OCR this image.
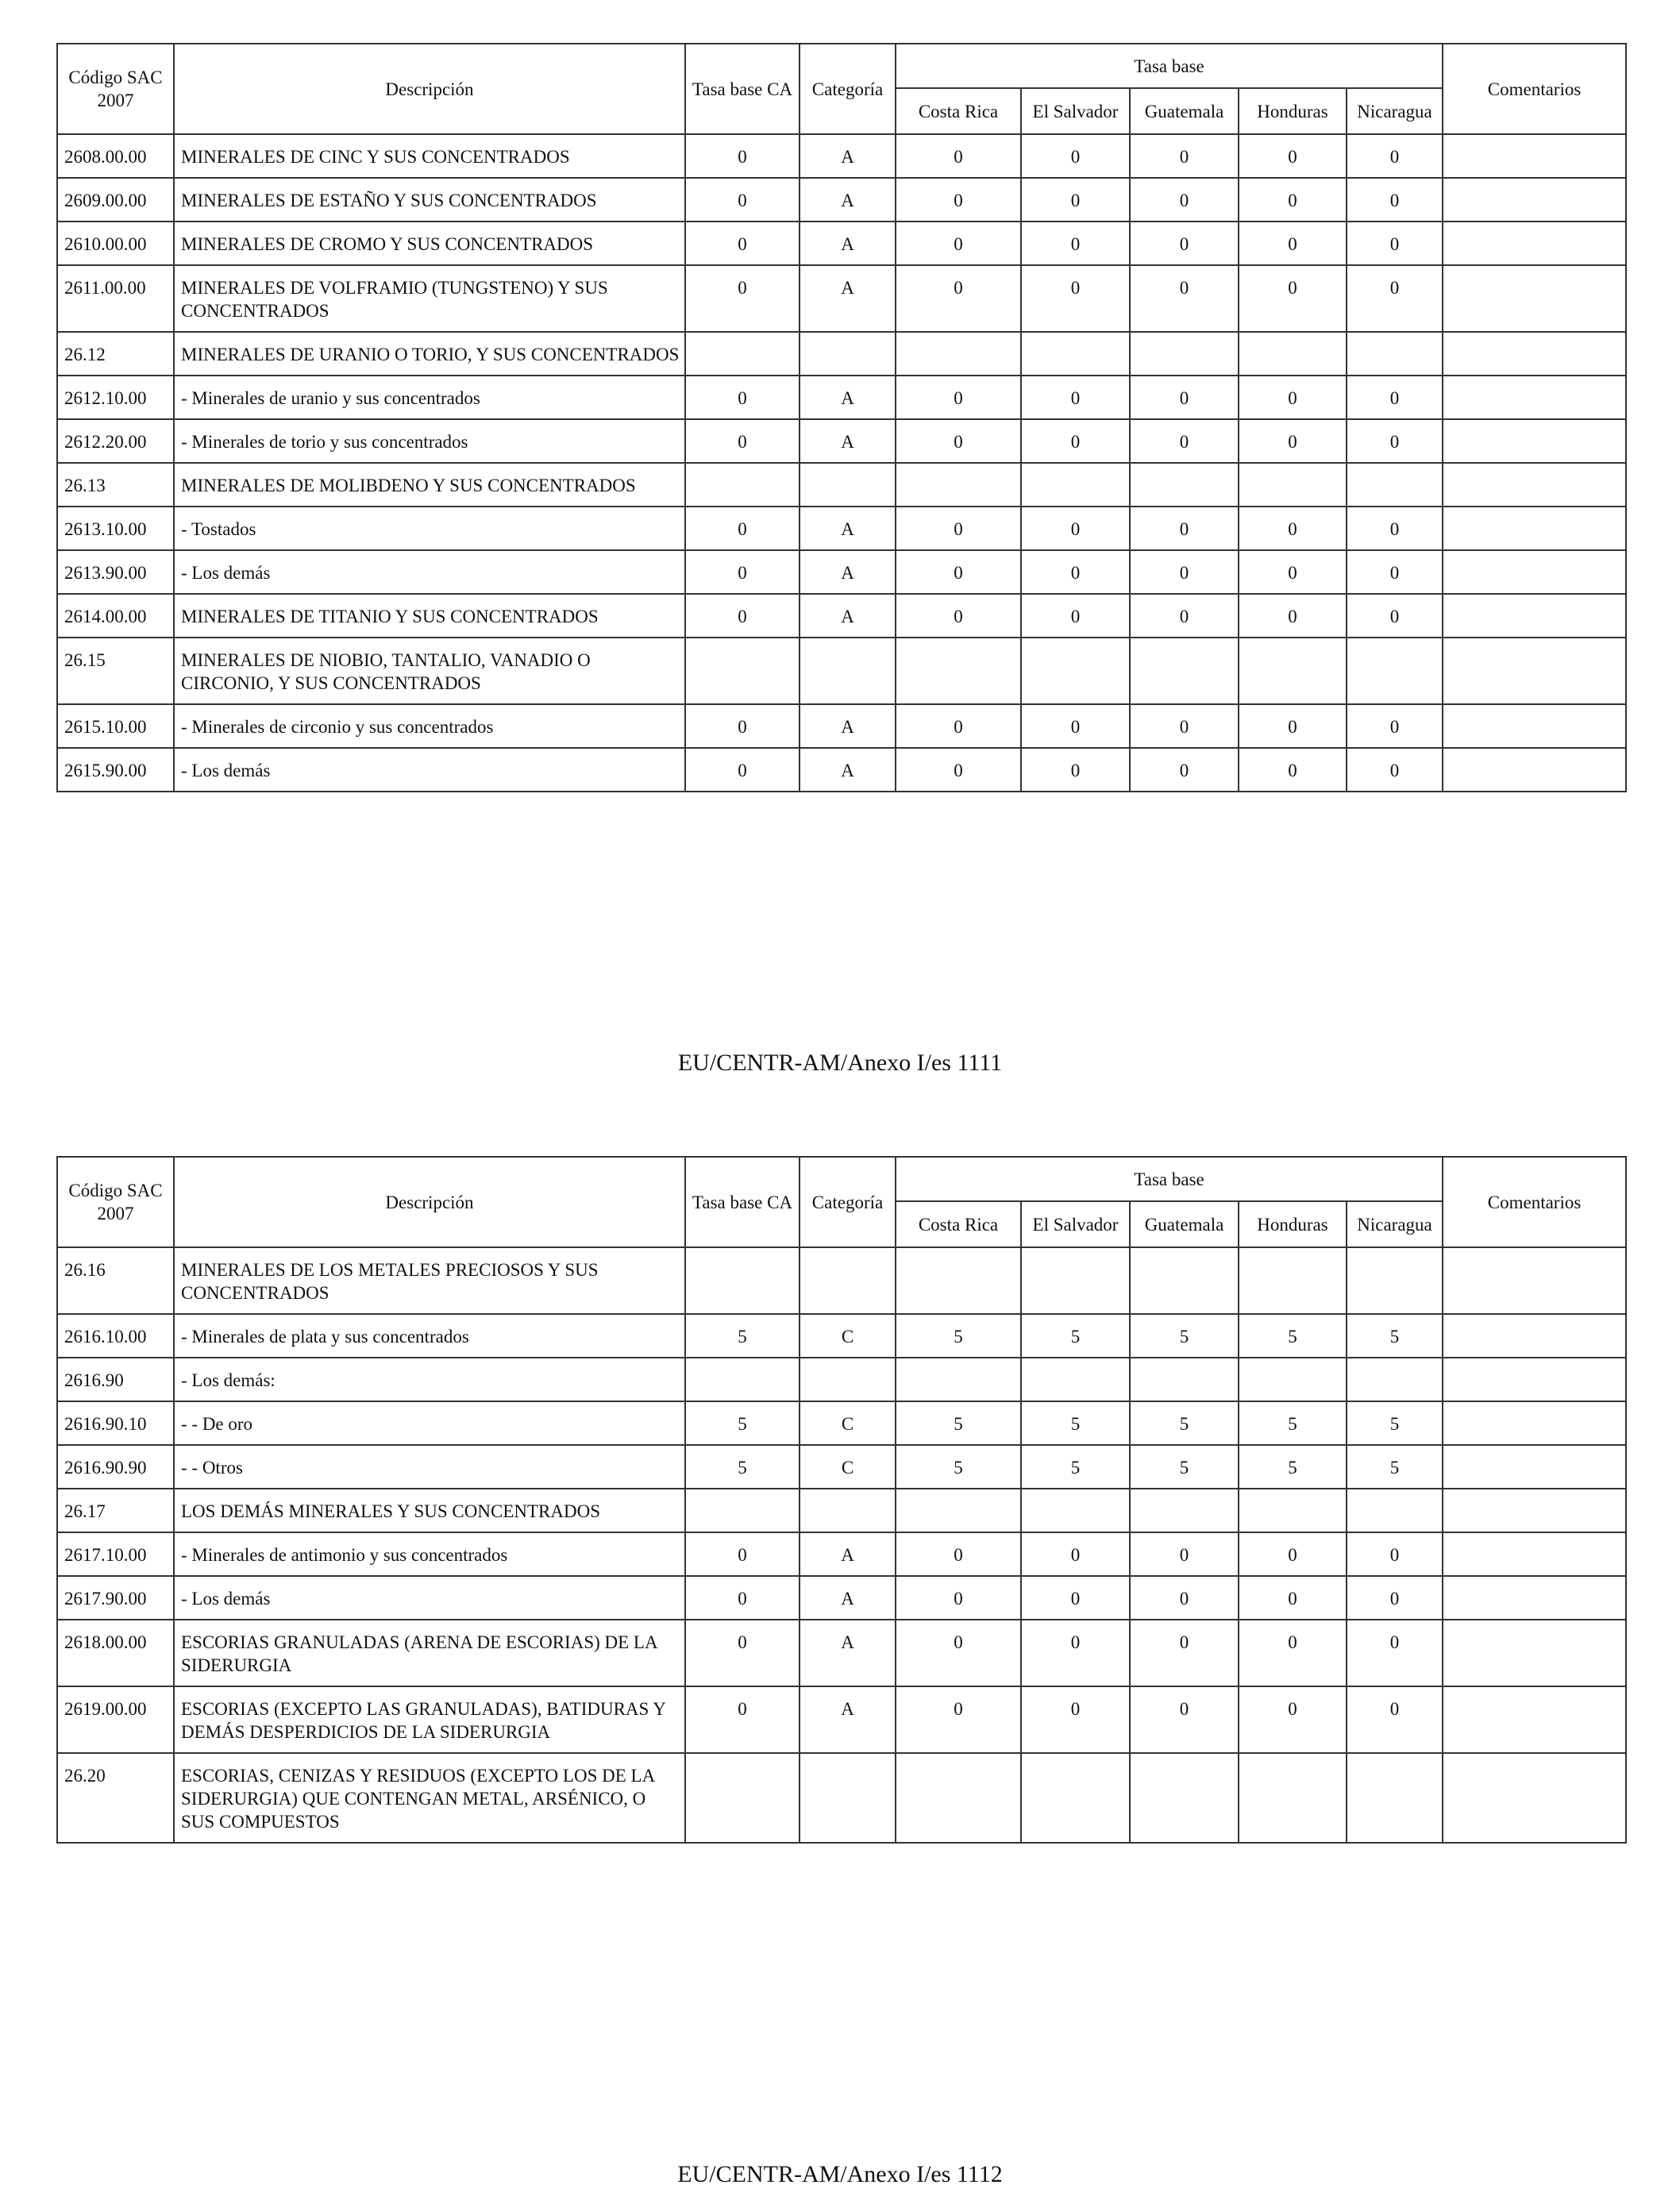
Código SAC
2007	Descripción	Tasa base CA	Categoría	Tasa base					Comentarios
				Costa Rica	El Salvador	Guatemala	Honduras	Nicaragua	
2608.00.00	MINERALES DE CINC Y SUS CONCENTRADOS	0	A	0	0	0	0	0	
2609.00.00	MINERALES DE ESTAÑO Y SUS CONCENTRADOS	0	A	0	0	0	0	0	
2610.00.00	MINERALES DE CROMO Y SUS CONCENTRADOS	0	A	0	0	0	0	0	
2611.00.00	MINERALES DE VOLFRAMIO (TUNGSTENO) Y SUS CONCENTRADOS	0	A	0	0	0	0	0	
26.12	MINERALES DE URANIO O TORIO, Y SUS CONCENTRADOS								
2612.10.00	- Minerales de uranio y sus concentrados	0	A	0	0	0	0	0	
2612.20.00	- Minerales de torio y sus concentrados	0	A	0	0	0	0	0	
26.13	MINERALES DE MOLIBDENO Y SUS CONCENTRADOS								
2613.10.00	- Tostados	0	A	0	0	0	0	0	
2613.90.00	- Los demás	0	A	0	0	0	0	0	
2614.00.00	MINERALES DE TITANIO Y SUS CONCENTRADOS	0	A	0	0	0	0	0	
26.15	MINERALES DE NIOBIO, TANTALIO, VANADIO O CIRCONIO, Y SUS CONCENTRADOS								
2615.10.00	- Minerales de circonio y sus concentrados	0	A	0	0	0	0	0	
2615.90.00	- Los demás	0	A	0	0	0	0	0	
EU/CENTR-AM/Anexo I/es 1111
Código SAC
2007	Descripción	Tasa base CA	Categoría	Tasa base					Comentarios
				Costa Rica	El Salvador	Guatemala	Honduras	Nicaragua	
26.16	MINERALES DE LOS METALES PRECIOSOS Y SUS CONCENTRADOS								
2616.10.00	- Minerales de plata y sus concentrados	5	C	5	5	5	5	5	
2616.90	- Los demás:								
2616.90.10	- - De oro	5	C	5	5	5	5	5	
2616.90.90	- - Otros	5	C	5	5	5	5	5	
26.17	LOS DEMÁS MINERALES Y SUS CONCENTRADOS								
2617.10.00	- Minerales de antimonio y sus concentrados	0	A	0	0	0	0	0	
2617.90.00	- Los demás	0	A	0	0	0	0	0	
2618.00.00	ESCORIAS GRANULADAS (ARENA DE ESCORIAS) DE LA SIDERURGIA	0	A	0	0	0	0	0	
2619.00.00	ESCORIAS (EXCEPTO LAS GRANULADAS), BATIDURAS Y DEMÁS DESPERDICIOS DE LA SIDERURGIA	0	A	0	0	0	0	0	
26.20	ESCORIAS, CENIZAS Y RESIDUOS (EXCEPTO LOS DE LA SIDERURGIA) QUE CONTENGAN METAL, ARSÉNICO, O SUS COMPUESTOS								
EU/CENTR-AM/Anexo I/es 1112
